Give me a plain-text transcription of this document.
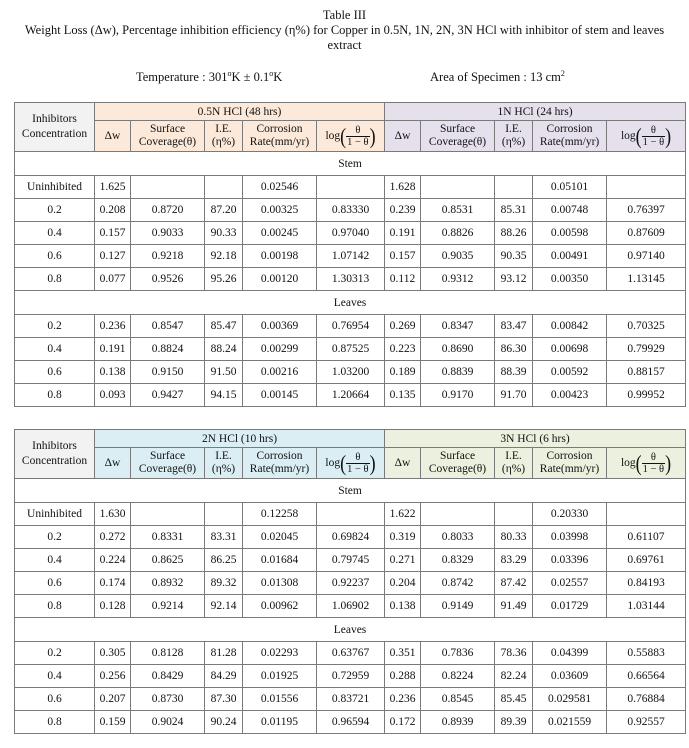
Table III
Weight Loss (Δw), Percentage inhibition efficiency (η%) for Copper in 0.5N, 1N, 2N, 3N HCl with inhibitor of stem and leaves
extract
Temperature : $301^oK \pm 0.1^oK$	Area of Specimen : 13 $cm^2$
Inhibitors Concentration	0.5N HCl (48 hrs)					1N HCl (24 hrs)				
	Δw	Surface Coverage(θ)	I.E. (η%)	Corrosion Rate(mm/yr)	$\log( \frac{\theta}{1 - \theta}$ )	Δw	Surface Coverage(θ)	I.E. (η%)	Corrosion Rate(mm/yr)	$\log( \frac{\theta}{1 - \theta}$ )
Stem										
Uninhibited	1.625			0.02546		1.628			0.05101	
0.2	0.208	0.8720	87.20	0.00325	0.83330	0.239	0.8531	85.31	0.00748	0.76397
0.4	0.157	0.9033	90.33	0.00245	0.97040	0.191	0.8826	88.26	0.00598	0.87609
0.6	0.127	0.9218	92.18	0.00198	1.07142	0.157	0.9035	90.35	0.00491	0.97140
0.8	0.077	0.9526	95.26	0.00120	1.30313	0.112	0.9312	93.12	0.00350	1.13145
Leaves										
0.2	0.236	0.8547	85.47	0.00369	0.76954	0.269	0.8347	83.47	0.00842	0.70325
0.4	0.191	0.8824	88.24	0.00299	0.87525	0.223	0.8690	86.30	0.00698	0.79929
0.6	0.138	0.9150	91.50	0.00216	1.03200	0.189	0.8839	88.39	0.00592	0.88157
0.8	0.093	0.9427	94.15	0.00145	1.20664	0.135	0.9170	91.70	0.00423	0.99952
Inhibitors Concentration	2N HCl (10 hrs)					3N HCl (6 hrs)				
	Δw	Surface Coverage(θ)	I.E. (η%)	Corrosion Rate(mm/yr)	$\log( \frac{\theta}{1 - \theta}$ )	Δw	Surface Coverage(θ)	I.E. (η%)	Corrosion Rate(mm/yr)	$\log( \frac{\theta}{1 - \theta}$ )
Stem										
Uninhibited	1.630			0.12258		1.622			0.20330	
0.2	0.272	0.8331	83.31	0.02045	0.69824	0.319	0.8033	80.33	0.03998	0.61107
0.4	0.224	0.8625	86.25	0.01684	0.79745	0.271	0.8329	83.29	0.03396	0.69761
0.6	0.174	0.8932	89.32	0.01308	0.92237	0.204	0.8742	87.42	0.02557	0.84193
0.8	0.128	0.9214	92.14	0.00962	1.06902	0.138	0.9149	91.49	0.01729	1.03144
Leaves										
0.2	0.305	0.8128	81.28	0.02293	0.63767	0.351	0.7836	78.36	0.04399	0.55883
0.4	0.256	0.8429	84.29	0.01925	0.72959	0.288	0.8224	82.24	0.03609	0.66564
0.6	0.207	0.8730	87.30	0.01556	0.83721	0.236	0.8545	85.45	0.029581	0.76884
0.8	0.159	0.9024	90.24	0.01195	0.96594	0.172	0.8939	89.39	0.021559	0.92557
